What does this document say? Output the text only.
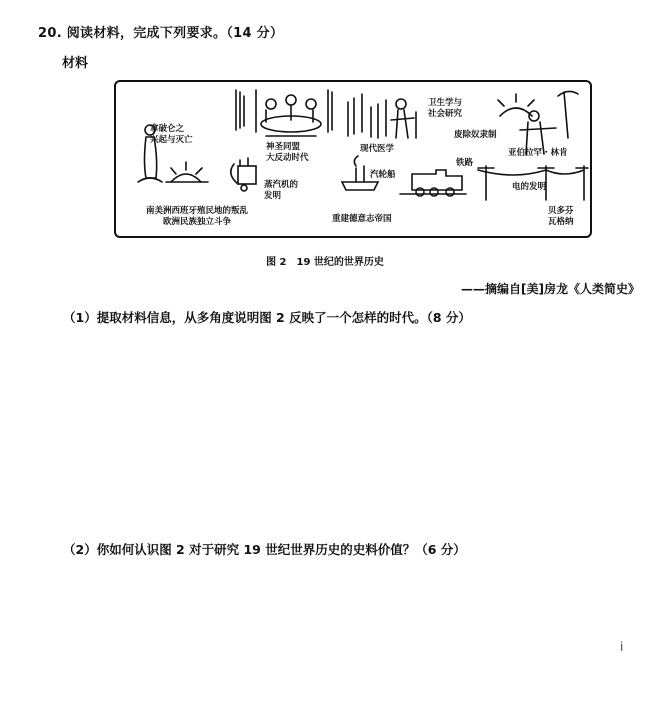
20. 阅读材料，完成下列要求。（14 分）
材料
拿破仑之
兴起与灭亡
神圣同盟
大反动时代
卫生学与
社会研究
废除奴隶制
蒸汽机的
发明
现代医学
汽轮船
铁路
亚伯拉罕・林肯
电的发明
南美洲西班牙殖民地的叛乱
欧洲民族独立斗争	重建德意志帝国
贝多芬
瓦格纳
图 2　19 世纪的世界历史
——摘编自[美]房龙《人类简史》
（1）提取材料信息，从多角度说明图 2 反映了一个怎样的时代。（8 分）
（2）你如何认识图 2 对于研究 19 世纪世界历史的史料价值？（6 分）
i
